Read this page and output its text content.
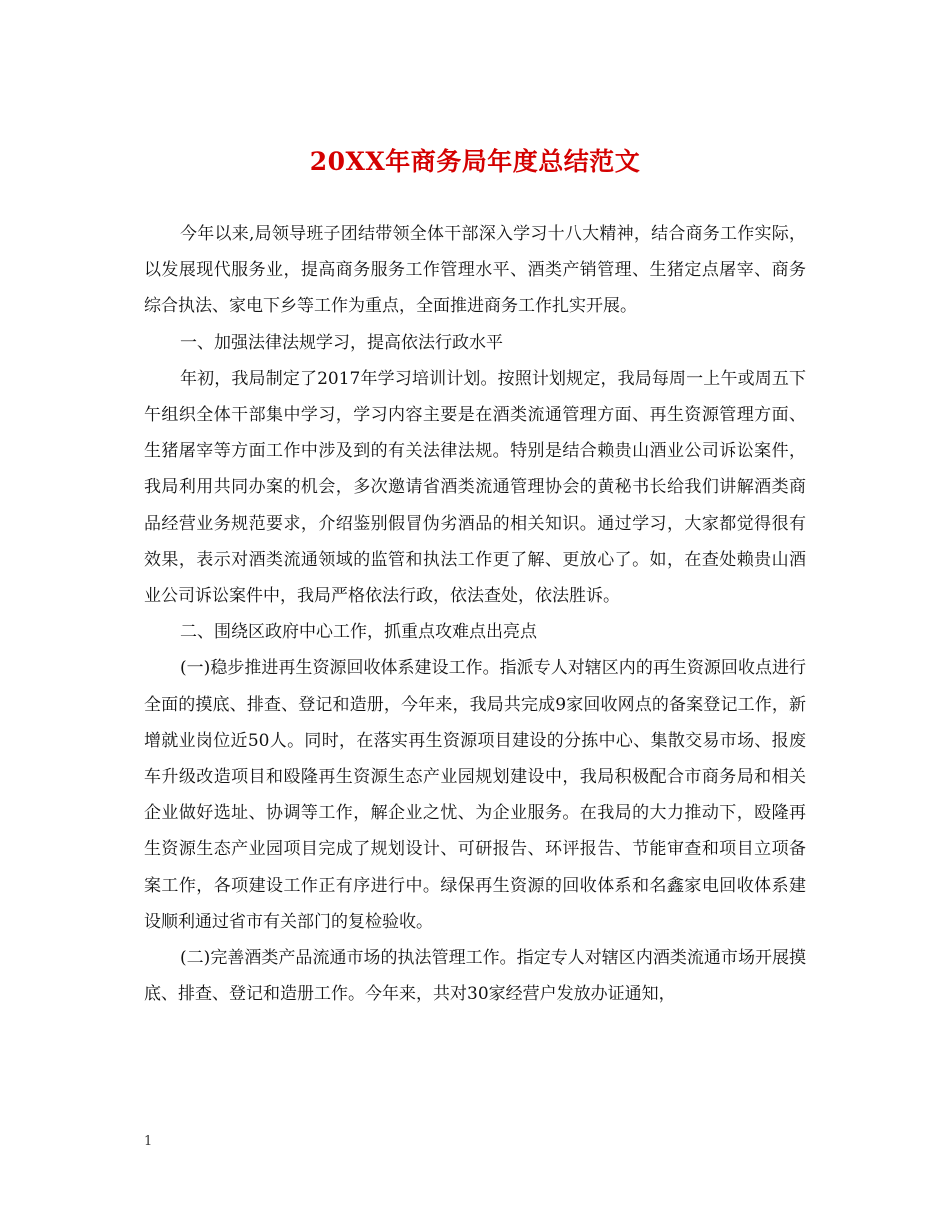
20XX年商务局年度总结范文

今年以来,局领导班子团结带领全体干部深入学习十八大精神，结合商务工作实际，以发展现代服务业，提高商务服务工作管理水平、酒类产销管理、生猪定点屠宰、商务综合执法、家电下乡等工作为重点，全面推进商务工作扎实开展。

一、加强法律法规学习，提高依法行政水平

年初，我局制定了2017年学习培训计划。按照计划规定，我局每周一上午或周五下午组织全体干部集中学习，学习内容主要是在酒类流通管理方面、再生资源管理方面、生猪屠宰等方面工作中涉及到的有关法律法规。特别是结合赖贵山酒业公司诉讼案件，我局利用共同办案的机会，多次邀请省酒类流通管理协会的黄秘书长给我们讲解酒类商品经营业务规范要求，介绍鉴别假冒伪劣酒品的相关知识。通过学习，大家都觉得很有效果，表示对酒类流通领域的监管和执法工作更了解、更放心了。如，在查处赖贵山酒业公司诉讼案件中，我局严格依法行政，依法查处，依法胜诉。

二、围绕区政府中心工作，抓重点攻难点出亮点

(一)稳步推进再生资源回收体系建设工作。指派专人对辖区内的再生资源回收点进行全面的摸底、排查、登记和造册，今年来，我局共完成9家回收网点的备案登记工作，新增就业岗位近50人。同时，在落实再生资源项目建设的分拣中心、集散交易市场、报废车升级改造项目和殴隆再生资源生态产业园规划建设中，我局积极配合市商务局和相关企业做好选址、协调等工作，解企业之忧、为企业服务。在我局的大力推动下，殴隆再生资源生态产业园项目完成了规划设计、可研报告、环评报告、节能审查和项目立项备案工作，各项建设工作正有序进行中。绿保再生资源的回收体系和名鑫家电回收体系建设顺利通过省市有关部门的复检验收。

(二)完善酒类产品流通市场的执法管理工作。指定专人对辖区内酒类流通市场开展摸底、排查、登记和造册工作。今年来，共对30家经营户发放办证通知，

1
